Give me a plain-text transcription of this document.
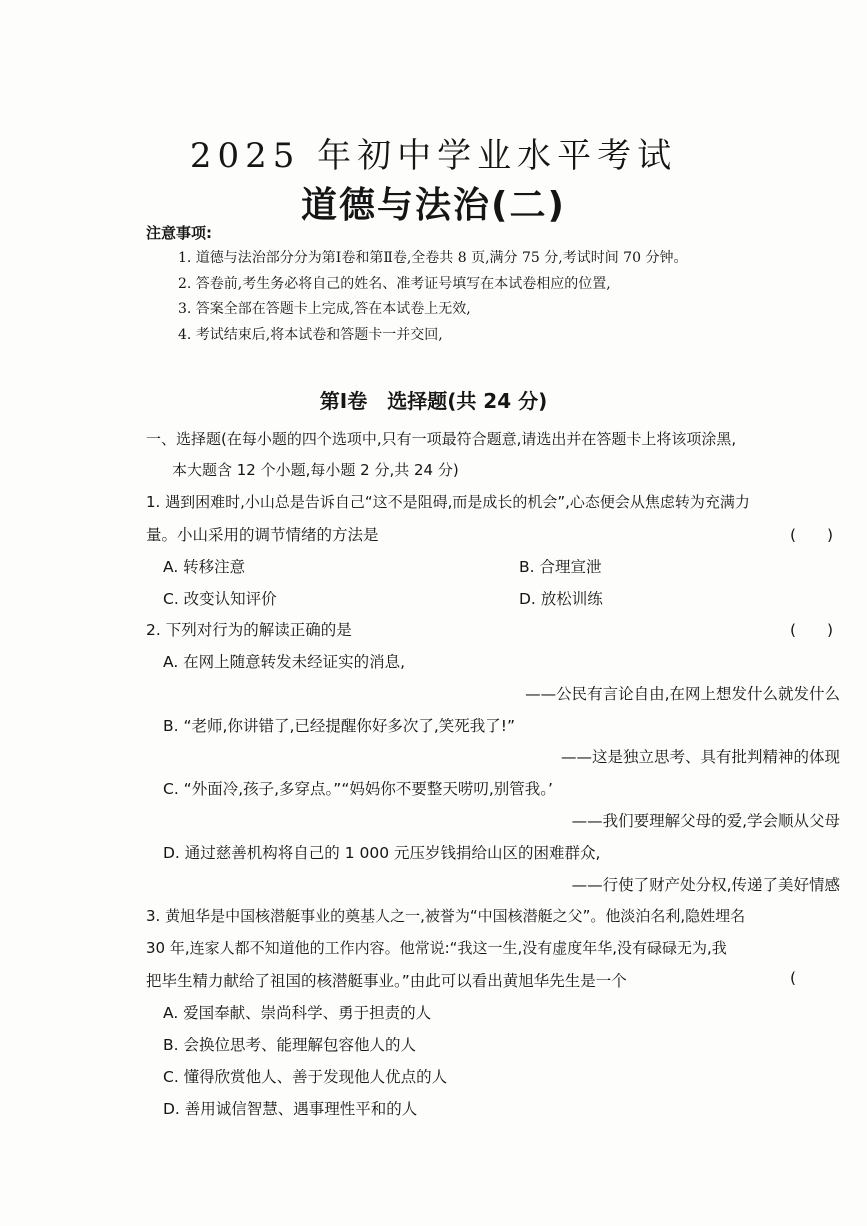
2025 年初中学业水平考试
道德与法治(二)
注意事项:
1. 道德与法治部分分为第Ⅰ卷和第Ⅱ卷,全卷共 8 页,满分 75 分,考试时间 70 分钟。
2. 答卷前,考生务必将自己的姓名、准考证号填写在本试卷相应的位置,
3. 答案全部在答题卡上完成,答在本试卷上无效,
4. 考试结束后,将本试卷和答题卡一并交回,
第Ⅰ卷　选择题(共 24 分)
一、选择题(在每小题的四个选项中,只有一项最符合题意,请选出并在答题卡上将该项涂黑,
本大题含 12 个小题,每小题 2 分,共 24 分)
1. 遇到困难时,小山总是告诉自己“这不是阻碍,而是成长的机会”,心态便会从焦虑转为充满力
量。小山采用的调节情绪的方法是	(　　)
A. 转移注意	B. 合理宣泄
C. 改变认知评价	D. 放松训练
2. 下列对行为的解读正确的是	(　　)
A. 在网上随意转发未经证实的消息,
——公民有言论自由,在网上想发什么就发什么
B. “老师,你讲错了,已经提醒你好多次了,笑死我了!”
——这是独立思考、具有批判精神的体现
C. “外面冷,孩子,多穿点。”“妈妈你不要整天唠叨,别管我。’
——我们要理解父母的爱,学会顺从父母
D. 通过慈善机构将自己的 1 000 元压岁钱捐给山区的困难群众,
——行使了财产处分权,传递了美好情感
3. 黄旭华是中国核潜艇事业的奠基人之一,被誉为“中国核潜艇之父”。他淡泊名利,隐姓埋名
30 年,连家人都不知道他的工作内容。他常说:“我这一生,没有虚度年华,没有碌碌无为,我
把毕生精力献给了祖国的核潜艇事业。”由此可以看出黄旭华先生是一个	(
A. 爱国奉献、崇尚科学、勇于担责的人
B. 会换位思考、能理解包容他人的人
C. 懂得欣赏他人、善于发现他人优点的人
D. 善用诚信智慧、遇事理性平和的人
